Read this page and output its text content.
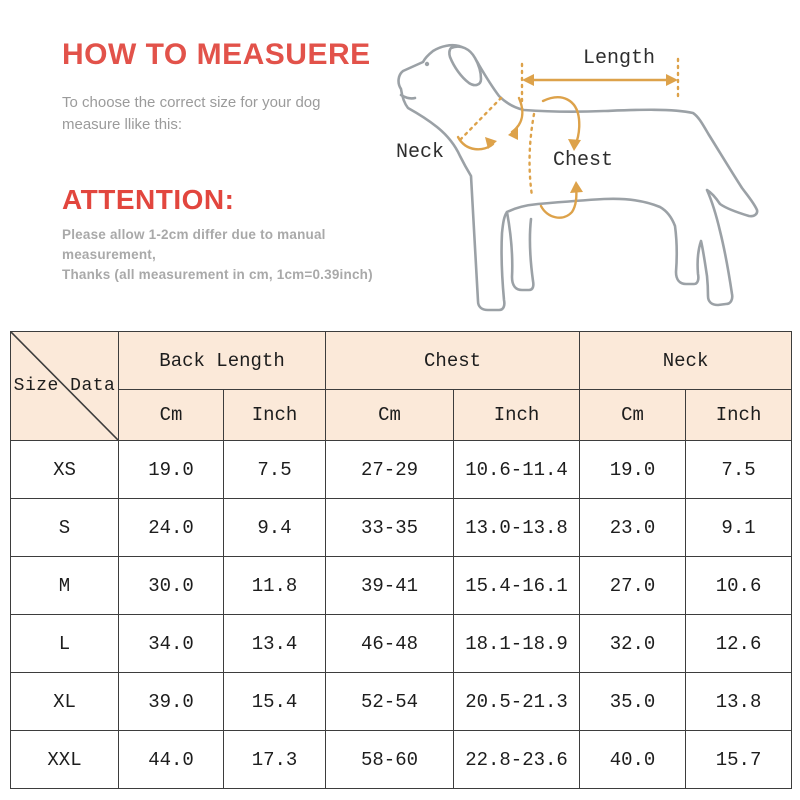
HOW TO MEASUERE
To choose the correct size for your dog
measure llike this:
ATTENTION:
Please allow 1-2cm differ due to manual measurement,
Thanks (all measurement in cm, 1cm=0.39inch)
Length
Neck	Chest
Size Data	Back Length		Chest		Neck	
	Cm	Inch	Cm	Inch	Cm	Inch
XS	19.0	7.5	27-29	10.6-11.4	19.0	7.5
S	24.0	9.4	33-35	13.0-13.8	23.0	9.1
M	30.0	11.8	39-41	15.4-16.1	27.0	10.6
L	34.0	13.4	46-48	18.1-18.9	32.0	12.6
XL	39.0	15.4	52-54	20.5-21.3	35.0	13.8
XXL	44.0	17.3	58-60	22.8-23.6	40.0	15.7
